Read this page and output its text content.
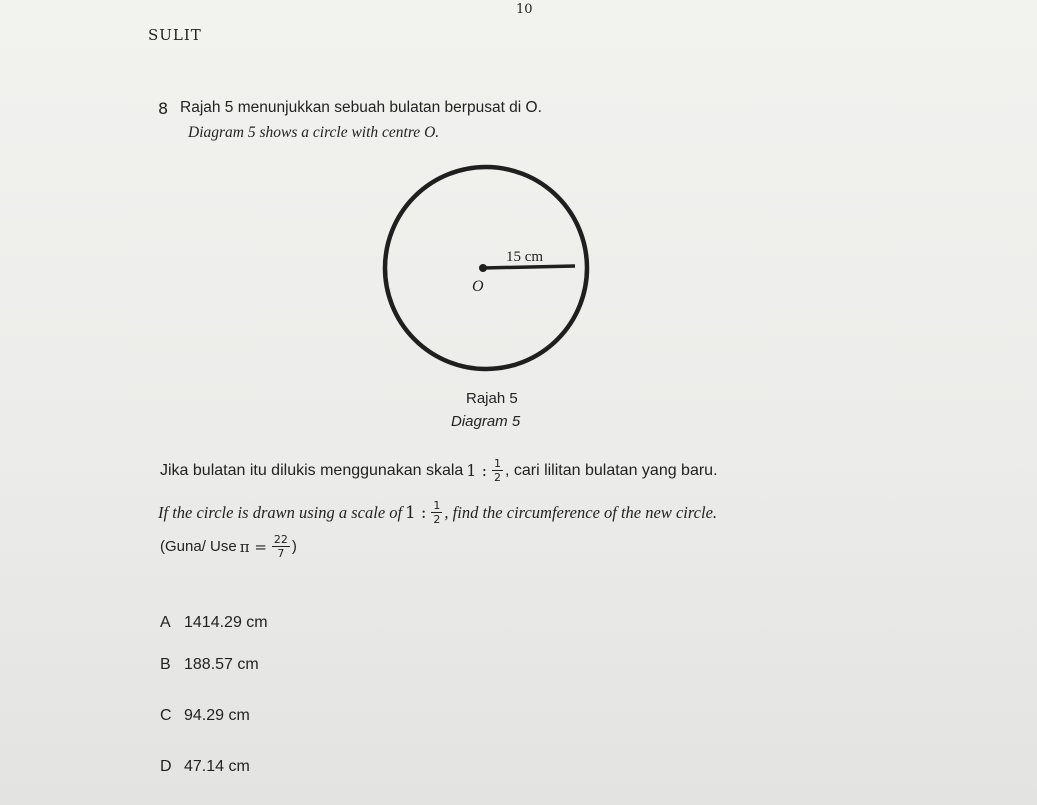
10
SULIT
8 Rajah 5 menunjukkan sebuah bulatan berpusat di O.
Diagram 5 shows a circle with centre O.
15 cm
O
Rajah 5
Diagram 5
Jika bulatan itu dilukis menggunakan skala 1 : $\frac{1}{2}$ , cari lilitan bulatan yang baru.
If the circle is drawn using a scale of 1 : $\frac{1}{2}$ , find the circumference of the new circle.
(Guna/ Use $\pi = \frac{22}{7}$ )
A 1414.29 cm
B 188.57 cm
C 94.29 cm
D 47.14 cm
